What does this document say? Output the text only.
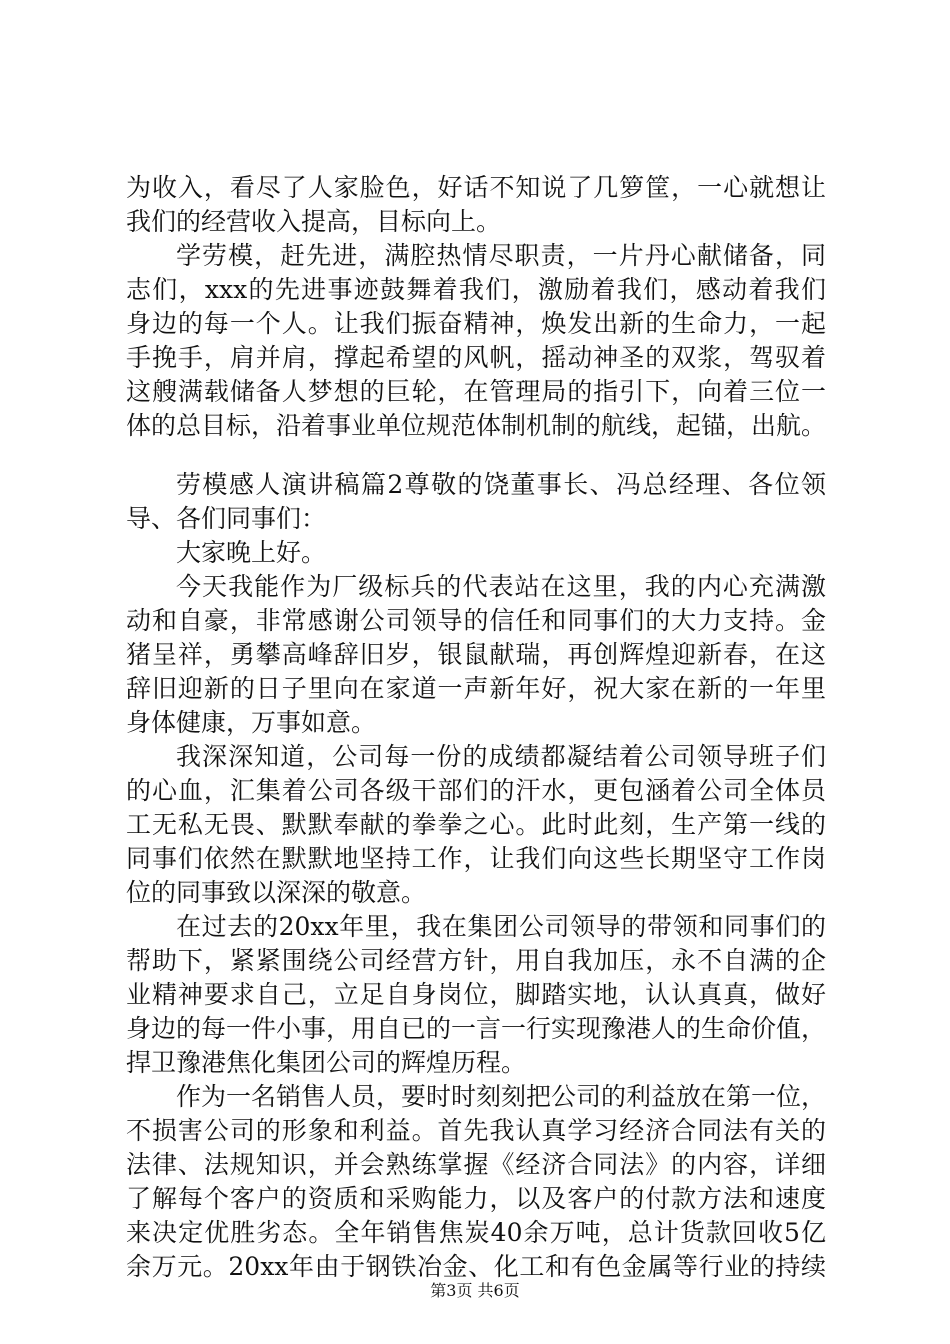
为收入，看尽了人家脸色，好话不知说了几箩筐，一心就想让
我们的经营收入提高，目标向上。
学劳模，赶先进，满腔热情尽职责，一片丹心献储备，同
志们，xxx的先进事迹鼓舞着我们，激励着我们，感动着我们
身边的每一个人。让我们振奋精神，焕发出新的生命力，一起
手挽手，肩并肩，撑起希望的风帆，摇动神圣的双浆，驾驭着
这艘满载储备人梦想的巨轮，在管理局的指引下，向着三位一
体的总目标，沿着事业单位规范体制机制的航线，起锚，出航。
劳模感人演讲稿篇2尊敬的饶董事长、冯总经理、各位领
导、各们同事们：
大家晚上好。
今天我能作为厂级标兵的代表站在这里，我的内心充满激
动和自豪，非常感谢公司领导的信任和同事们的大力支持。金
猪呈祥，勇攀高峰辞旧岁，银鼠献瑞，再创辉煌迎新春，在这
辞旧迎新的日子里向在家道一声新年好，祝大家在新的一年里
身体健康，万事如意。
我深深知道，公司每一份的成绩都凝结着公司领导班子们
的心血，汇集着公司各级干部们的汗水，更包涵着公司全体员
工无私无畏、默默奉献的拳拳之心。此时此刻，生产第一线的
同事们依然在默默地坚持工作，让我们向这些长期坚守工作岗
位的同事致以深深的敬意。
在过去的20xx年里，我在集团公司领导的带领和同事们的
帮助下，紧紧围绕公司经营方针，用自我加压，永不自满的企
业精神要求自己，立足自身岗位，脚踏实地，认认真真，做好
身边的每一件小事，用自已的一言一行实现豫港人的生命价值，
捍卫豫港焦化集团公司的辉煌历程。
作为一名销售人员，要时时刻刻把公司的利益放在第一位，
不损害公司的形象和利益。首先我认真学习经济合同法有关的
法律、法规知识，并会熟练掌握《经济合同法》的内容，详细
了解每个客户的资质和采购能力，以及客户的付款方法和速度
来决定优胜劣态。全年销售焦炭40余万吨，总计货款回收5亿
余万元。20xx年由于钢铁冶金、化工和有色金属等行业的持续
第3页 共6页
